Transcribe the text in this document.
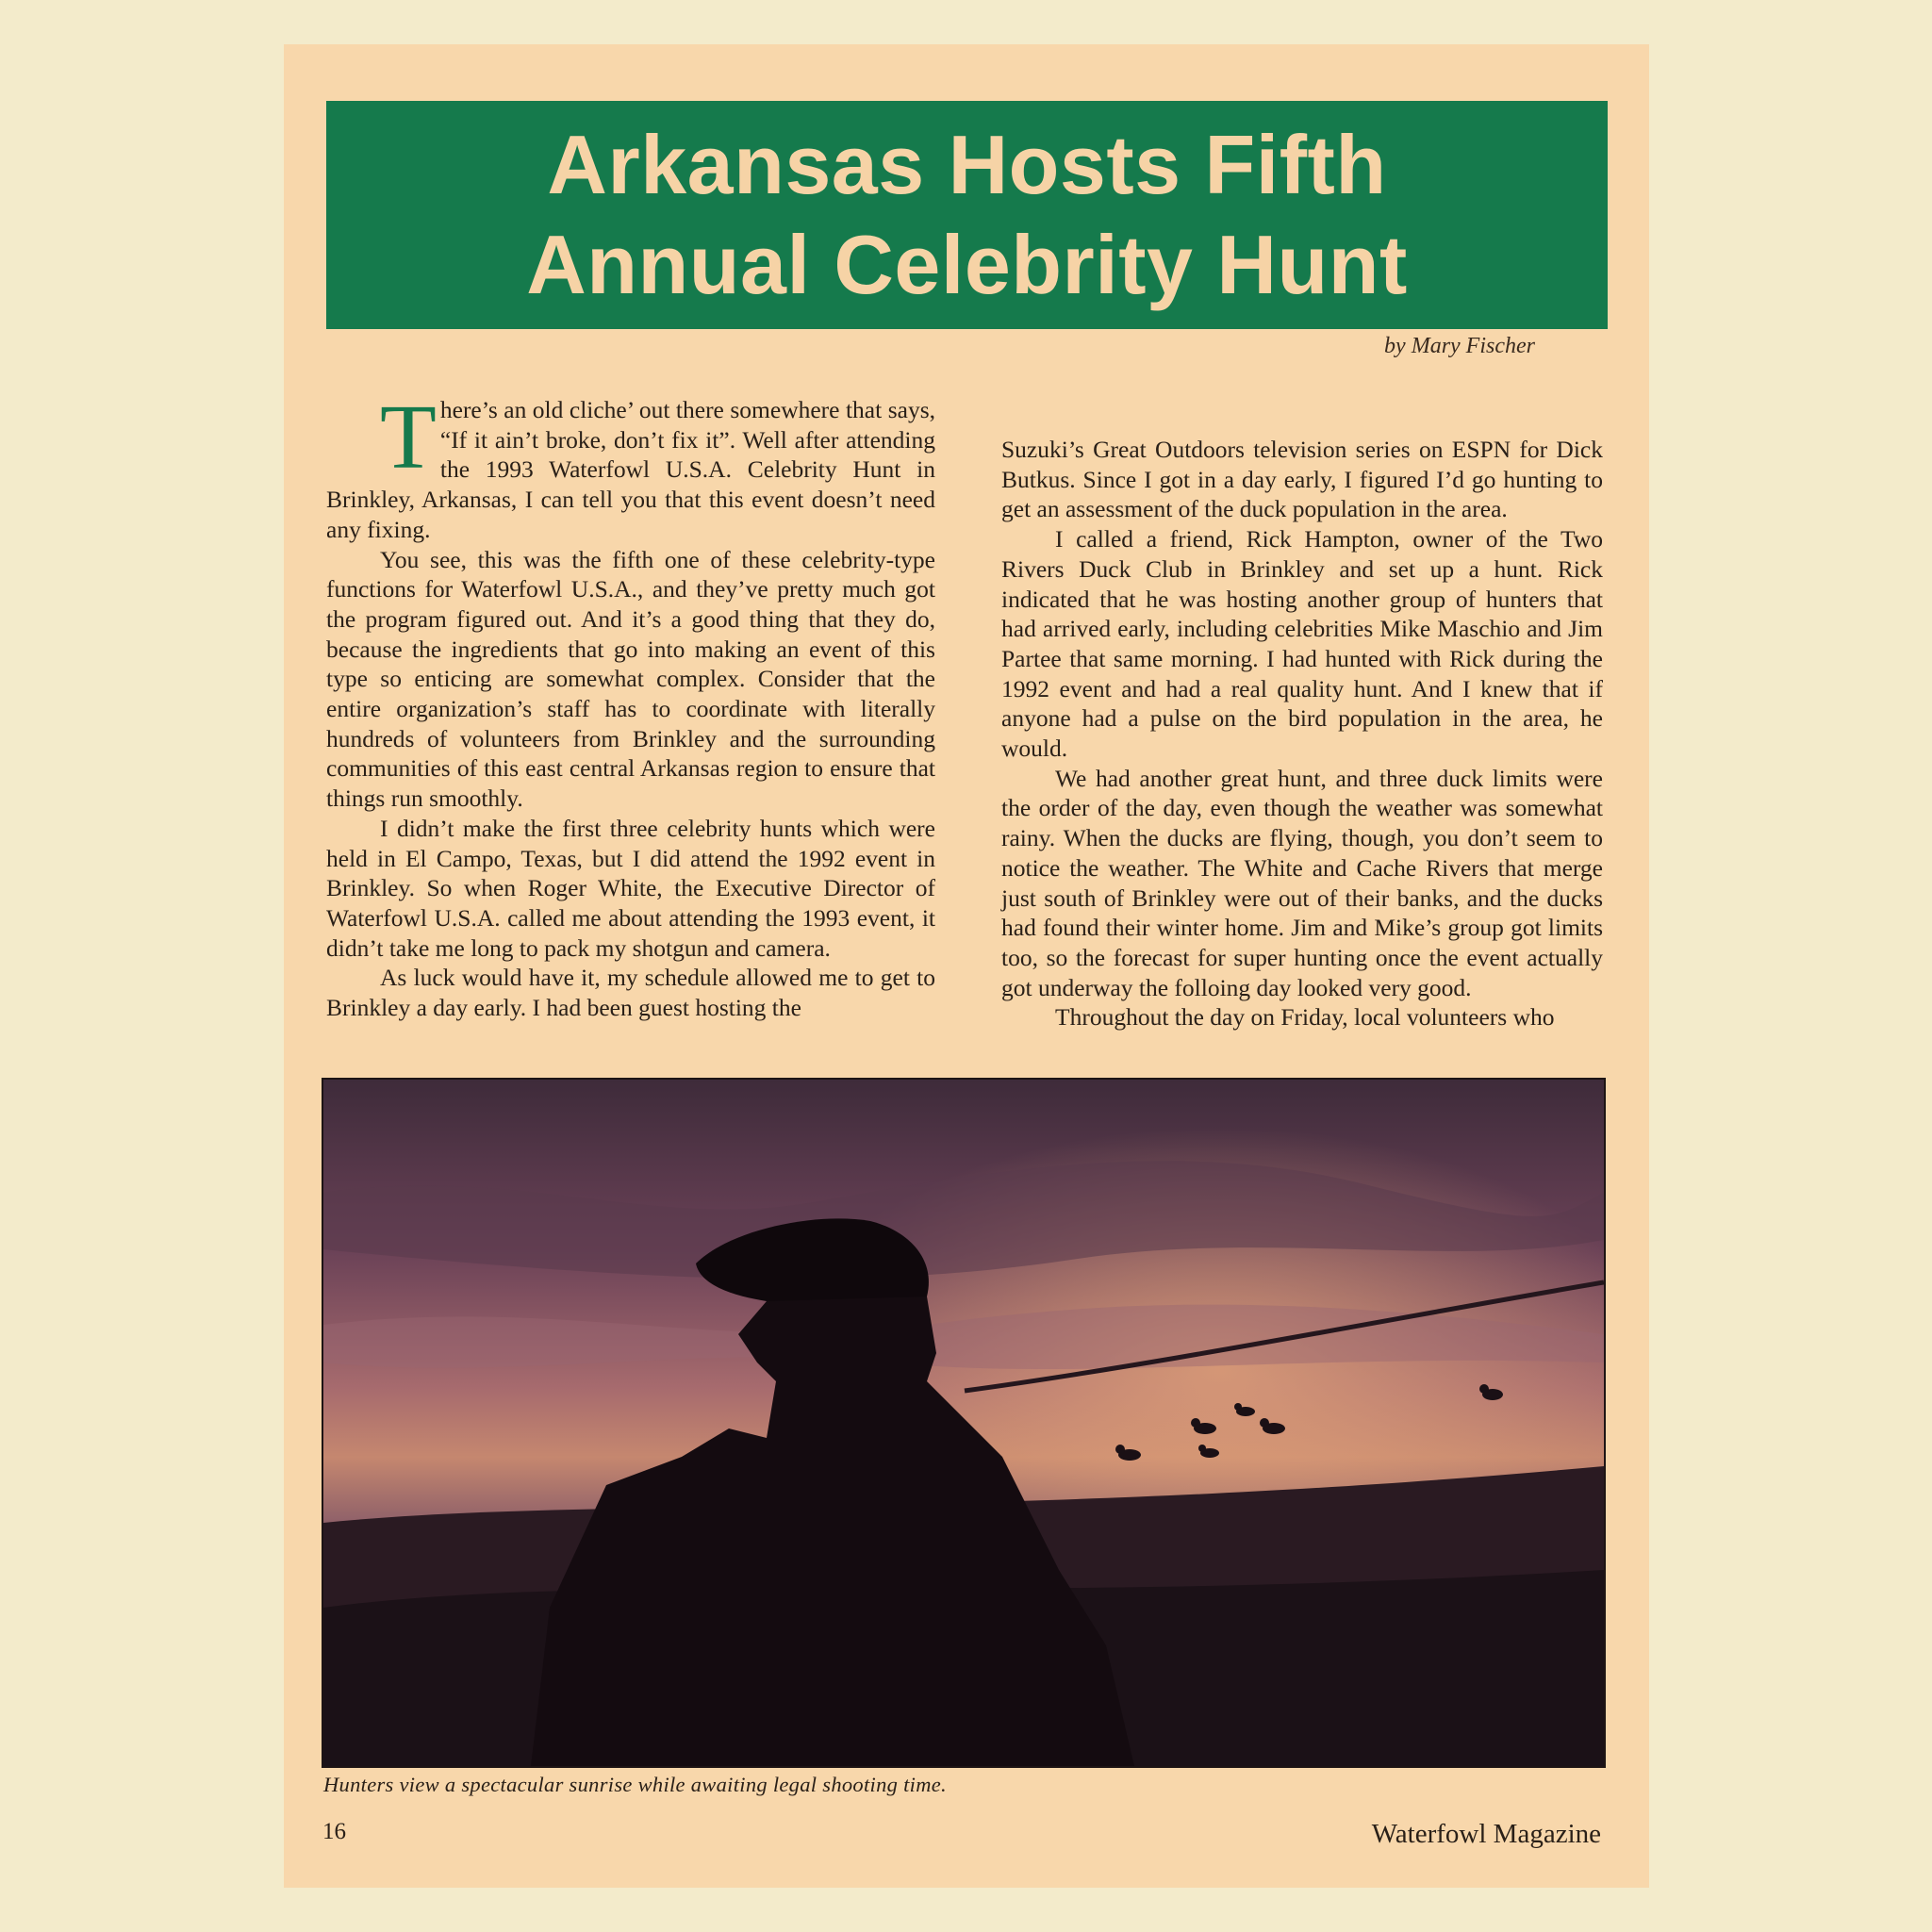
Arkansas Hosts Fifth
Annual Celebrity Hunt
by Mary Fischer
T here’s an old cliche’ out there somewhere that says, “If it ain’t broke, don’t fix it”. Well after attending the 1993 Waterfowl U.S.A. Celebrity Hunt in Brinkley, Arkansas, I can tell you that this event doesn’t need any fixing.

You see, this was the fifth one of these celebrity-type functions for Waterfowl U.S.A., and they’ve pretty much got the program figured out. And it’s a good thing that they do, because the ingredients that go into making an event of this type so enticing are somewhat complex. Consider that the entire organization’s staff has to coordinate with literally hundreds of volunteers from Brinkley and the surrounding communities of this east central Arkansas region to ensure that things run smoothly.

I didn’t make the first three celebrity hunts which were held in El Campo, Texas, but I did attend the 1992 event in Brinkley. So when Roger White, the Executive Director of Waterfowl U.S.A. called me about attending the 1993 event, it didn’t take me long to pack my shotgun and camera.

As luck would have it, my schedule allowed me to get to Brinkley a day early. I had been guest hosting the

Suzuki’s Great Outdoors television series on ESPN for Dick Butkus. Since I got in a day early, I figured I’d go hunting to get an assessment of the duck population in the area.

I called a friend, Rick Hampton, owner of the Two Rivers Duck Club in Brinkley and set up a hunt. Rick indicated that he was hosting another group of hunters that had arrived early, including celebrities Mike Maschio and Jim Partee that same morning. I had hunted with Rick during the 1992 event and had a real quality hunt. And I knew that if anyone had a pulse on the bird population in the area, he would.

We had another great hunt, and three duck limits were the order of the day, even though the weather was somewhat rainy. When the ducks are flying, though, you don’t seem to notice the weather. The White and Cache Rivers that merge just south of Brinkley were out of their banks, and the ducks had found their winter home. Jim and Mike’s group got limits too, so the forecast for super hunting once the event actually got underway the folloing day looked very good.

Throughout the day on Friday, local volunteers who

Hunters view a spectacular sunrise while awaiting legal shooting time.
16	Waterfowl Magazine
